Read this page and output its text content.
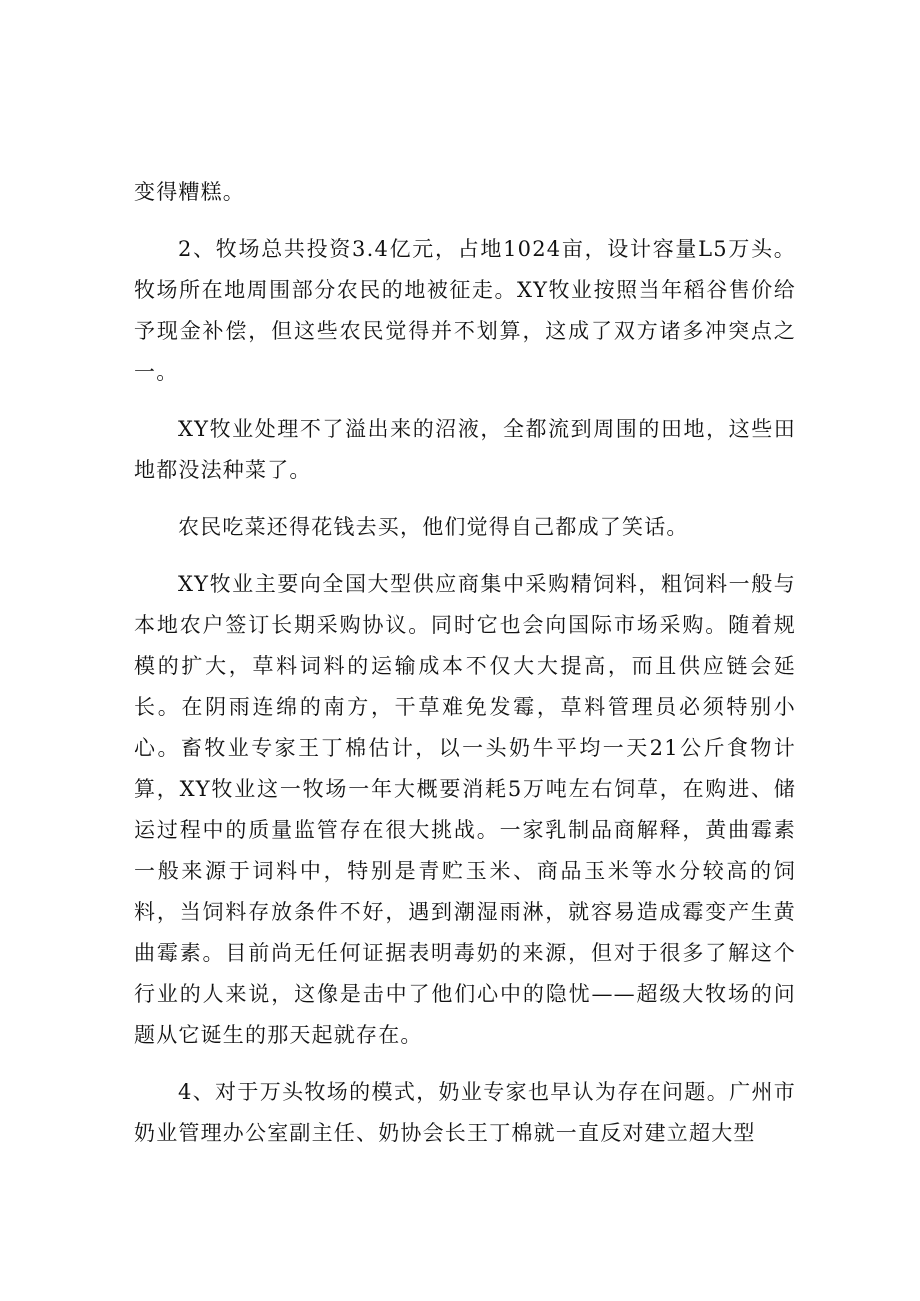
变得糟糕。

2、牧场总共投资3.4亿元，占地1024亩，设计容量L5万头。牧场所在地周围部分农民的地被征走。XY牧业按照当年稻谷售价给予现金补偿，但这些农民觉得并不划算，这成了双方诸多冲突点之一。

XY牧业处理不了溢出来的沼液，全都流到周围的田地，这些田地都没法种菜了。

农民吃菜还得花钱去买，他们觉得自己都成了笑话。

XY牧业主要向全国大型供应商集中采购精饲料，粗饲料一般与本地农户签订长期采购协议。同时它也会向国际市场采购。随着规模的扩大，草料词料的运输成本不仅大大提高，而且供应链会延长。在阴雨连绵的南方，干草难免发霉，草料管理员必须特别小心。畜牧业专家王丁棉估计，以一头奶牛平均一天21公斤食物计算，XY牧业这一牧场一年大概要消耗5万吨左右饲草，在购进、储运过程中的质量监管存在很大挑战。一家乳制品商解释，黄曲霉素一般来源于词料中，特别是青贮玉米、商品玉米等水分较高的饲料，当饲料存放条件不好，遇到潮湿雨淋，就容易造成霉变产生黄曲霉素。目前尚无任何证据表明毒奶的来源，但对于很多了解这个行业的人来说，这像是击中了他们心中的隐忧——超级大牧场的问题从它诞生的那天起就存在。

4、对于万头牧场的模式，奶业专家也早认为存在问题。广州市奶业管理办公室副主任、奶协会长王丁棉就一直反对建立超大型
